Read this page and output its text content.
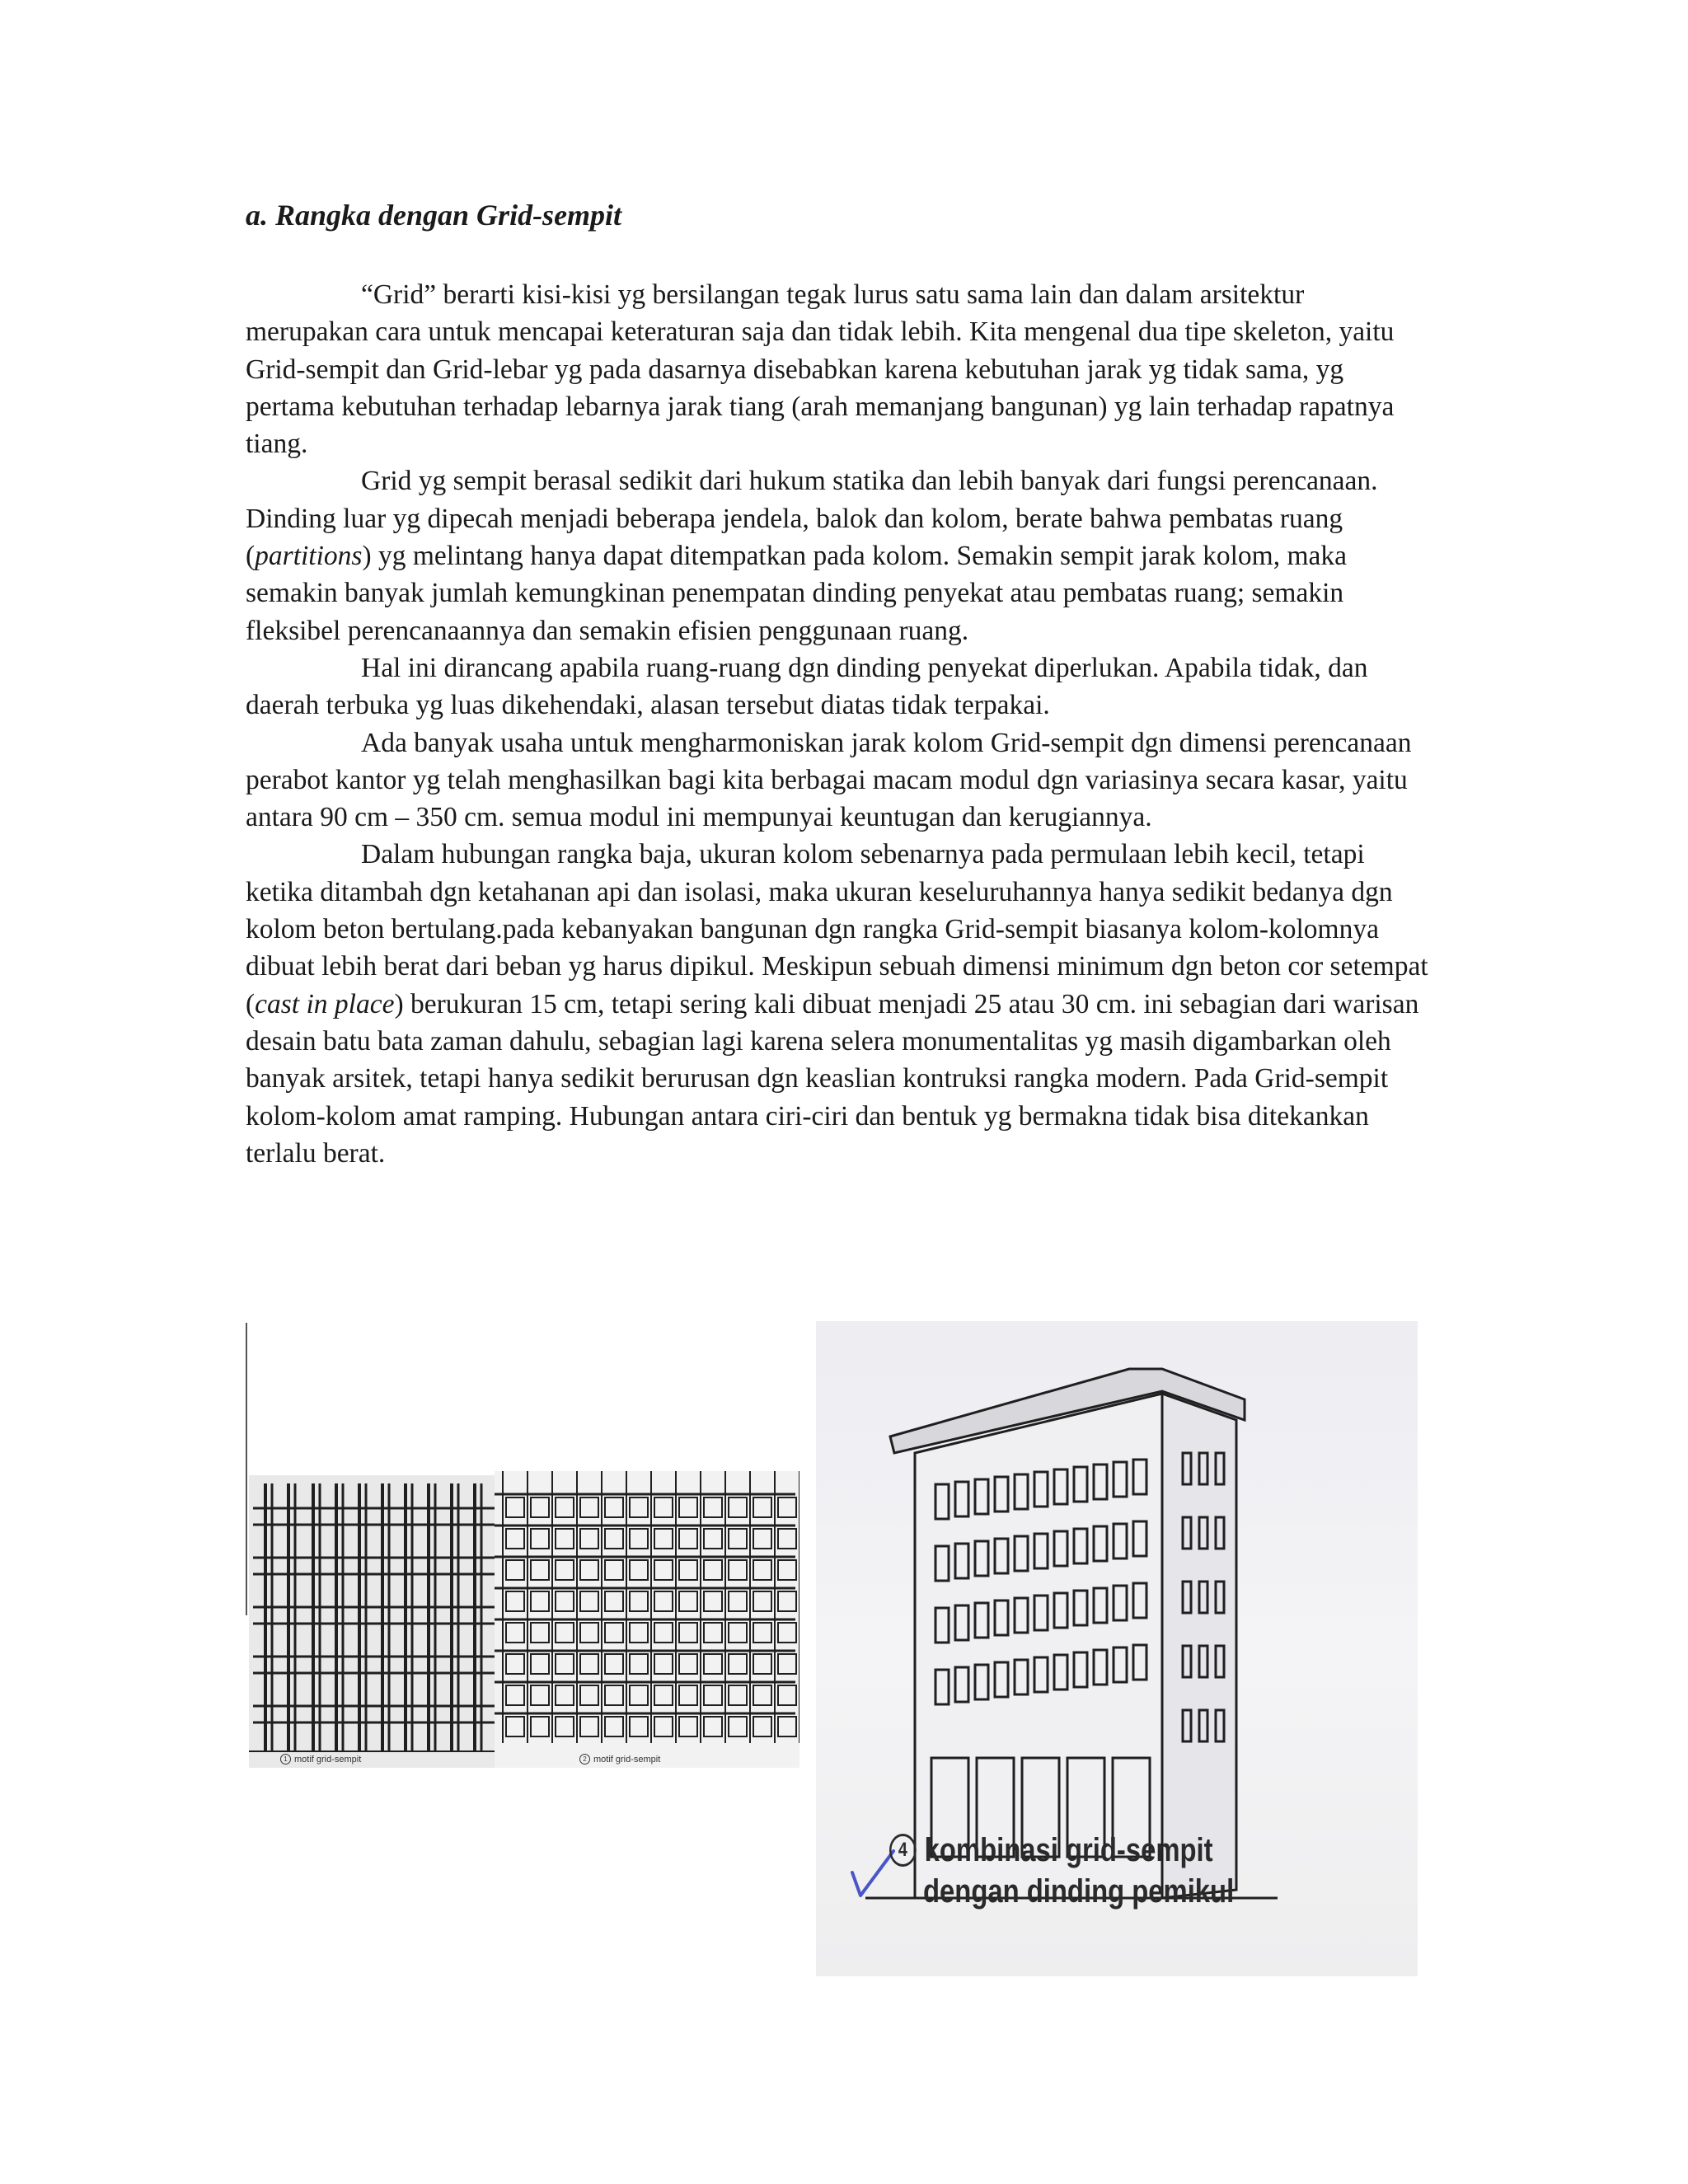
a. Rangka dengan Grid-sempit

“Grid” berarti kisi-kisi yg bersilangan tegak lurus satu sama lain dan dalam arsitektur merupakan cara untuk mencapai keteraturan saja dan tidak lebih. Kita mengenal dua tipe skeleton, yaitu Grid-sempit dan Grid-lebar yg pada dasarnya disebabkan karena kebutuhan jarak yg tidak sama, yg pertama kebutuhan terhadap lebarnya jarak tiang (arah memanjang bangunan) yg lain terhadap rapatnya tiang.

Grid yg sempit berasal sedikit dari hukum statika dan lebih banyak dari fungsi perencanaan. Dinding luar yg dipecah menjadi beberapa jendela, balok dan kolom, berate bahwa pembatas ruang (partitions) yg melintang hanya dapat ditempatkan pada kolom. Semakin sempit jarak kolom, maka semakin banyak jumlah kemungkinan penempatan dinding penyekat atau pembatas ruang; semakin fleksibel perencanaannya dan semakin efisien penggunaan ruang.

Hal ini dirancang apabila ruang-ruang dgn dinding penyekat diperlukan. Apabila tidak, dan daerah terbuka yg luas dikehendaki, alasan tersebut diatas tidak terpakai.

Ada banyak usaha untuk mengharmoniskan jarak kolom Grid-sempit dgn dimensi perencanaan perabot kantor yg telah menghasilkan bagi kita berbagai macam modul dgn variasinya secara kasar, yaitu antara 90 cm – 350 cm. semua modul ini mempunyai keuntugan dan kerugiannya.

Dalam hubungan rangka baja, ukuran kolom sebenarnya pada permulaan lebih kecil, tetapi ketika ditambah dgn ketahanan api dan isolasi, maka ukuran keseluruhannya hanya sedikit bedanya dgn kolom beton bertulang.pada kebanyakan bangunan dgn rangka Grid-sempit biasanya kolom-kolomnya dibuat lebih berat dari beban yg harus dipikul. Meskipun sebuah dimensi minimum dgn beton cor setempat (cast in place) berukuran 15 cm, tetapi sering kali dibuat menjadi 25 atau 30 cm. ini sebagian dari warisan desain batu bata zaman dahulu, sebagian lagi karena selera monumentalitas yg masih digambarkan oleh banyak arsitek, tetapi hanya sedikit berurusan dgn keaslian kontruksi rangka modern. Pada Grid-sempit kolom-kolom amat ramping. Hubungan antara ciri-ciri dan bentuk yg bermakna tidak bisa ditekankan terlalu berat.

1 motif grid-sempit	2 motif grid-sempit
4 kombinasi grid-sempit
dengan dinding pemikul
